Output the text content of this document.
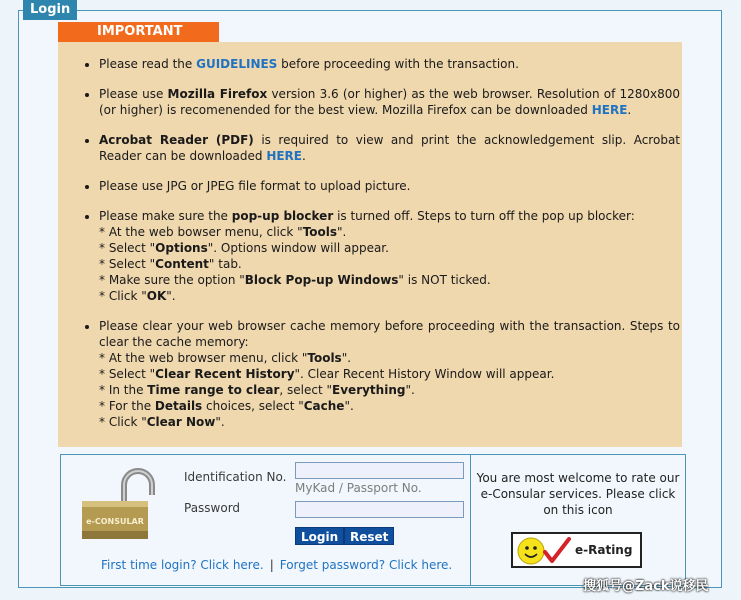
Login
IMPORTANT
• Please read the GUIDELINES before proceeding with the transaction.
• Please use Mozilla Firefox version 3.6 (or higher) as the web browser. Resolution of 1280x800 (or higher) is recomenended for the best view. Mozilla Firefox can be downloaded HERE.
• Acrobat Reader (PDF) is required to view and print the acknowledgement slip. Acrobat Reader can be downloaded HERE.
• Please use JPG or JPEG file format to upload picture.
• Please make sure the pop-up blocker is turned off. Steps to turn off the pop up blocker:
* At the web bowser menu, click "Tools".
* Select "Options". Options window will appear.
* Select "Content" tab.
* Make sure the option "Block Pop-up Windows" is NOT ticked.
* Click "OK".
• Please clear your web browser cache memory before proceeding with the transaction. Steps to clear the cache memory:
* At the web browser menu, click "Tools".
* Select "Clear Recent History". Clear Recent History Window will appear.
* In the Time range to clear, select "Everything".
* For the Details choices, select "Cache".
* Click "Clear Now".
e-CONSULAR
Identification No.
MyKad / Passport No.
Password
Login Reset
First time login? Click here. | Forget password? Click here.
You are most welcome to rate our e-Consular services. Please click on this icon
e-Rating
搜狐号@Zack说移民
